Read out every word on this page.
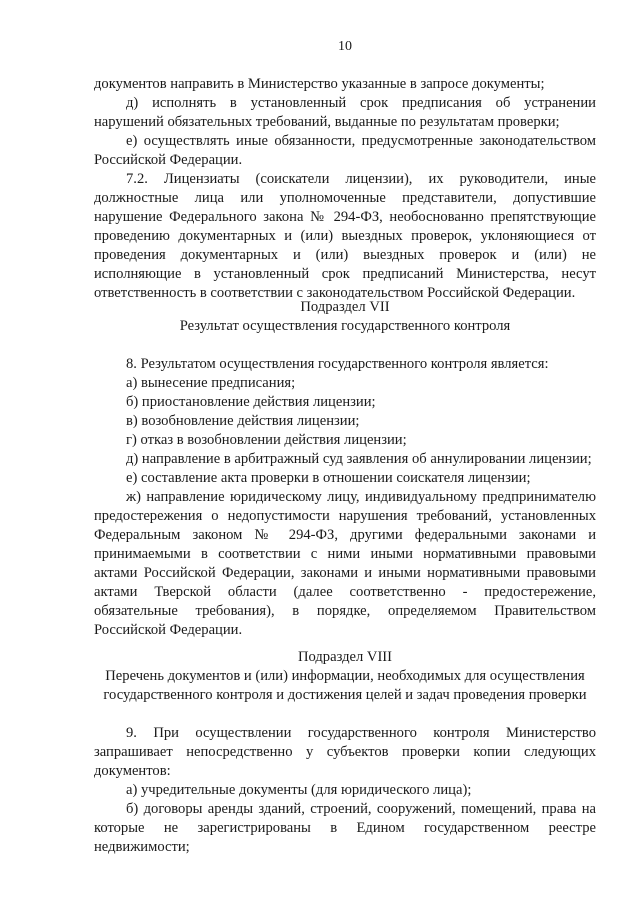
10

документов направить в Министерство указанные в запросе документы;

д) исполнять в установленный срок предписания об устранении нарушений обязательных требований, выданные по результатам проверки;

е) осуществлять иные обязанности, предусмотренные законодательством Российской Федерации.

7.2. Лицензиаты (соискатели лицензии), их руководители, иные должностные лица или уполномоченные представители, допустившие нарушение Федерального закона № 294-ФЗ, необоснованно препятствующие проведению документарных и (или) выездных проверок, уклоняющиеся от проведения документарных и (или) выездных проверок и (или) не исполняющие в установленный срок предписаний Министерства, несут ответственность в соответствии с законодательством Российской Федерации.

Подраздел VII

Результат осуществления государственного контроля

8. Результатом осуществления государственного контроля является:

а) вынесение предписания;

б) приостановление действия лицензии;

в) возобновление действия лицензии;

г) отказ в возобновлении действия лицензии;

д) направление в арбитражный суд заявления об аннулировании лицензии;

е) составление акта проверки в отношении соискателя лицензии;

ж) направление юридическому лицу, индивидуальному предпринимателю предостережения о недопустимости нарушения требований, установленных Федеральным законом № 294-ФЗ, другими федеральными законами и принимаемыми в соответствии с ними иными нормативными правовыми актами Российской Федерации, законами и иными нормативными правовыми актами Тверской области (далее соответственно - предостережение, обязательные требования), в порядке, определяемом Правительством Российской Федерации.

Подраздел VIII

Перечень документов и (или) информации, необходимых для осуществления государственного контроля и достижения целей и задач проведения проверки

9. При осуществлении государственного контроля Министерство запрашивает непосредственно у субъектов проверки копии следующих документов:

а) учредительные документы (для юридического лица);

б) договоры аренды зданий, строений, сооружений, помещений, права на которые не зарегистрированы в Едином государственном реестре недвижимости;
